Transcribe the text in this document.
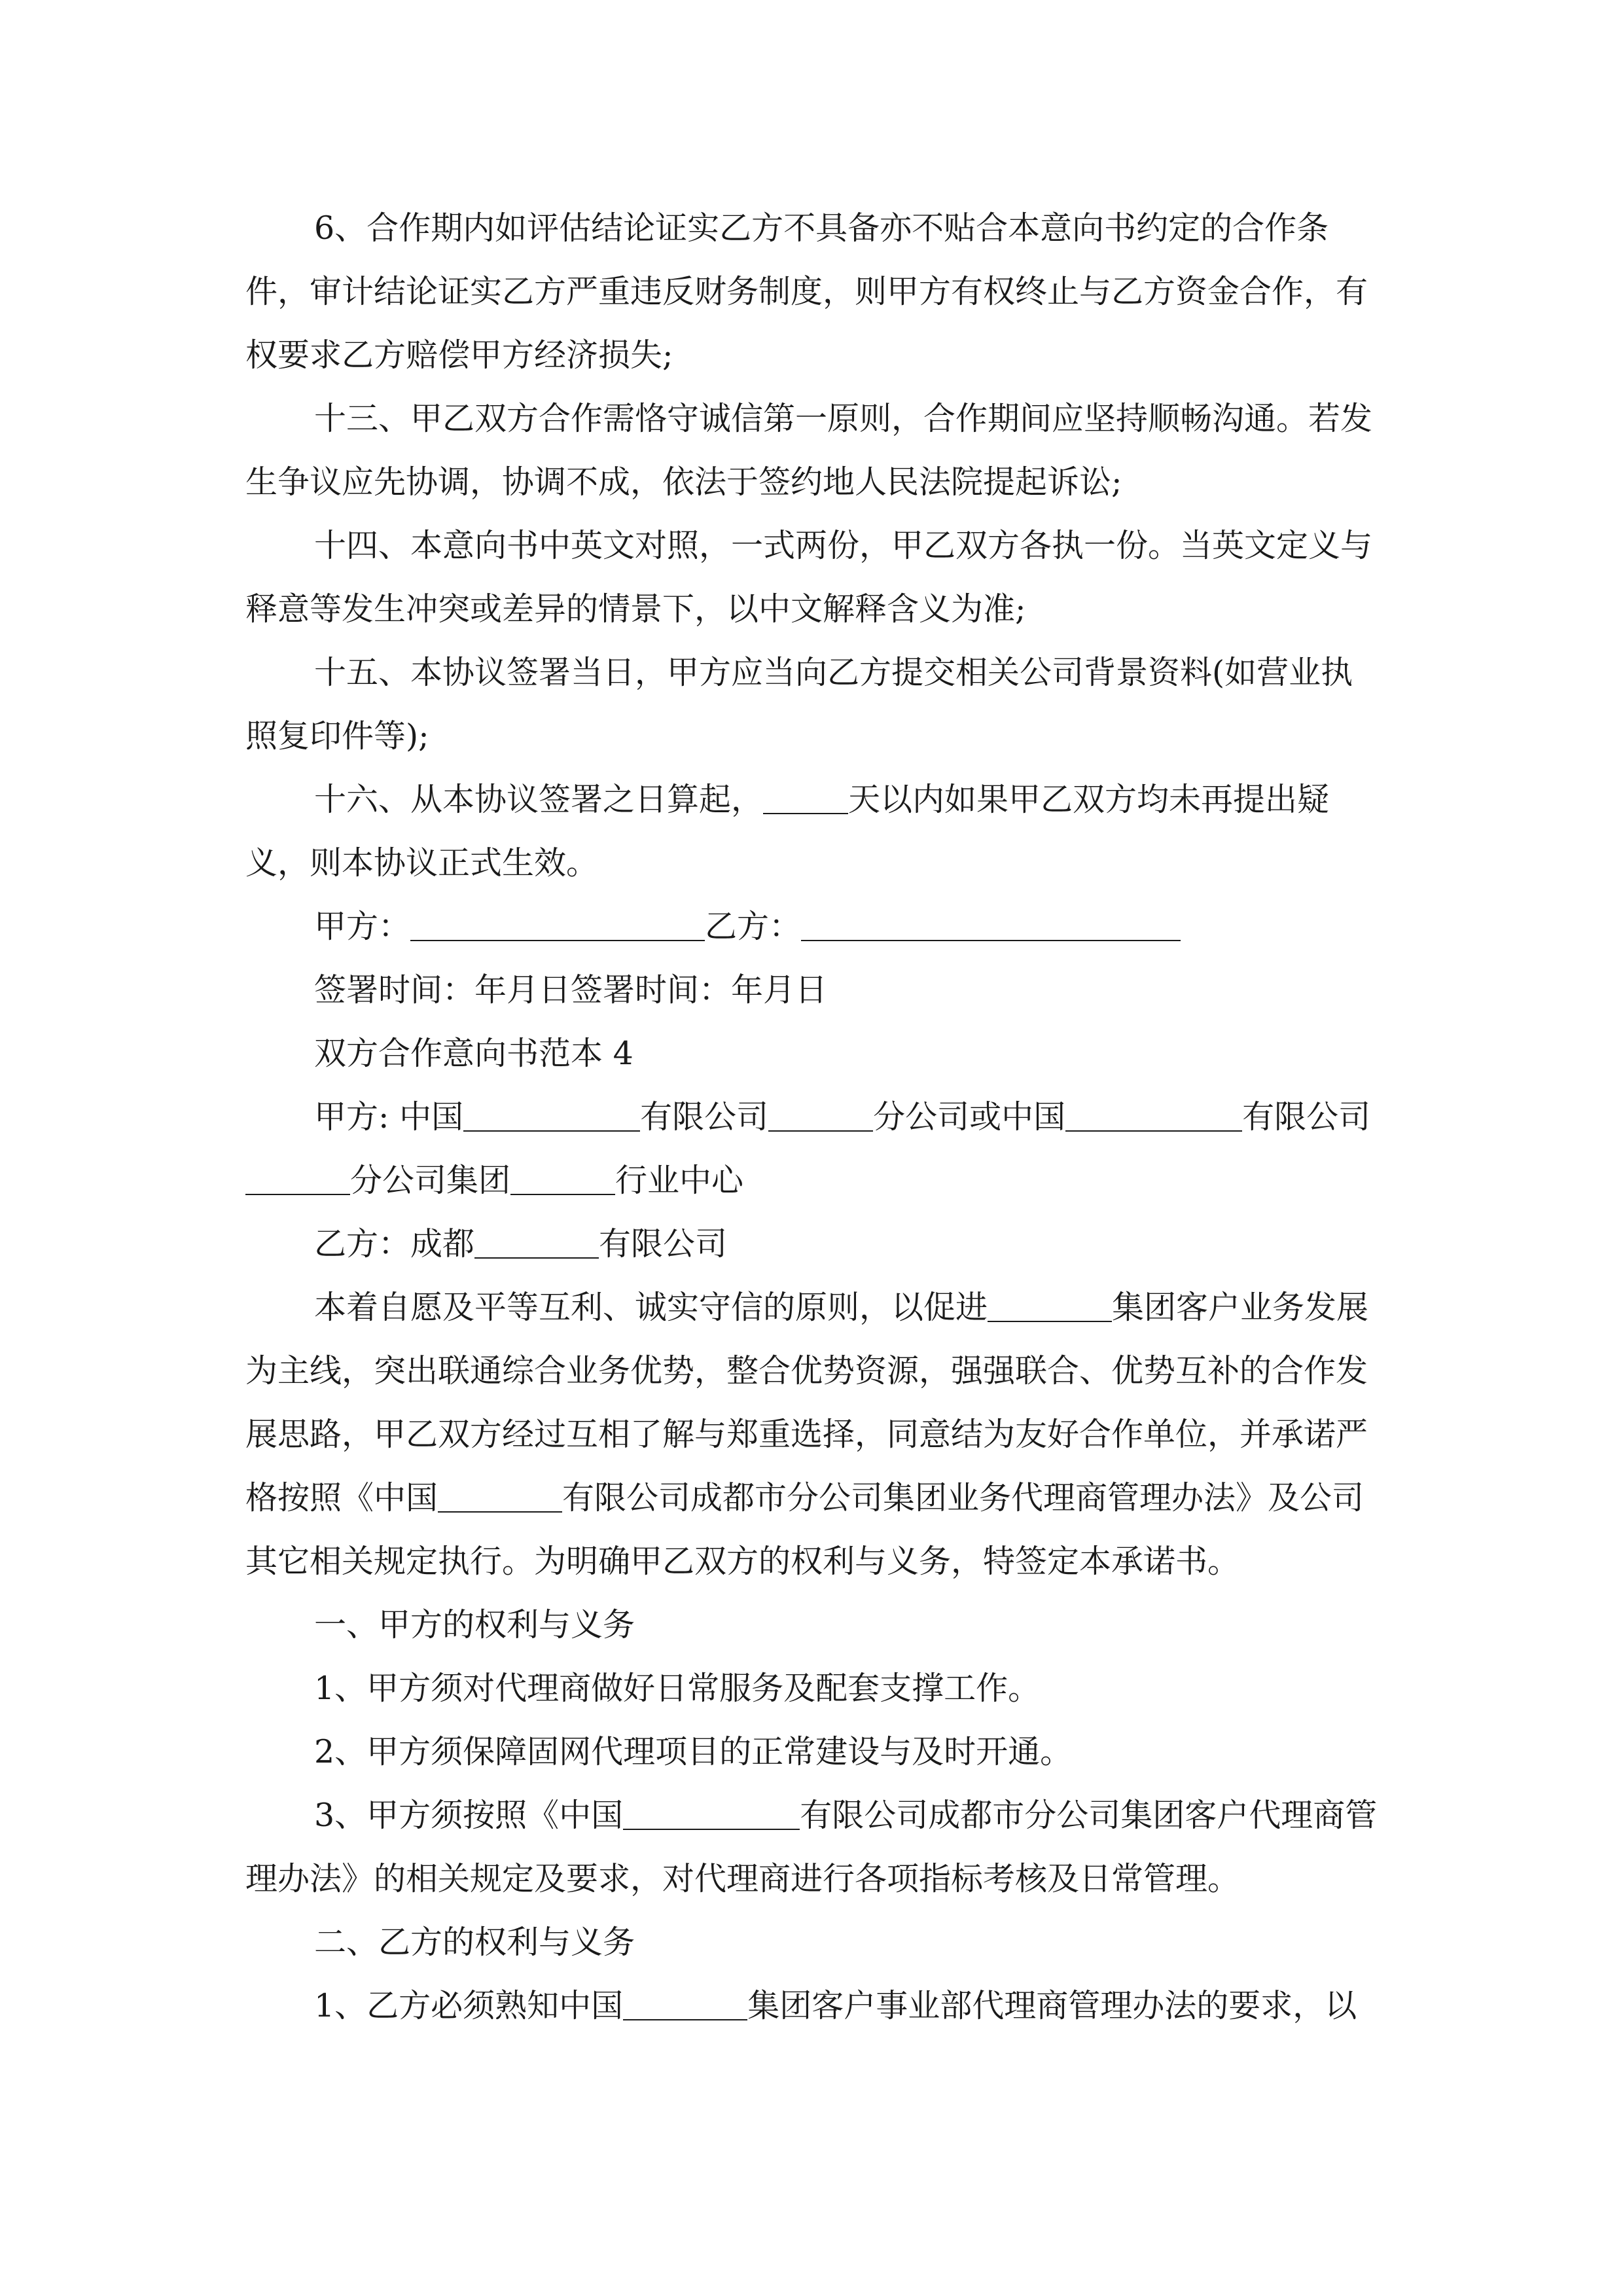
6、合作期内如评估结论证实乙方不具备亦不贴合本意向书约定的合作条件，审计结论证实乙方严重违反财务制度，则甲方有权终止与乙方资金合作，有权要求乙方赔偿甲方经济损失;

十三、甲乙双方合作需恪守诚信第一原则，合作期间应坚持顺畅沟通。若发生争议应先协调，协调不成，依法于签约地人民法院提起诉讼;

十四、本意向书中英文对照，一式两份，甲乙双方各执一份。当英文定义与释意等发生冲突或差异的情景下，以中文解释含义为准;

十五、本协议签署当日，甲方应当向乙方提交相关公司背景资料(如营业执照复印件等);

十六、从本协议签署之日算起，	天以内如果甲乙双方均未再提出疑义，则本协议正式生效。

甲方：	乙方：

签署时间：年月日签署时间：年月日

双方合作意向书范本 4

甲方: 中国	有限公司	分公司或中国	有限公司分公司集团	行业中心

乙方：成都	有限公司

本着自愿及平等互利、诚实守信的原则，以促进	集团客户业务发展为主线，突出联通综合业务优势，整合优势资源，强强联合、优势互补的合作发展思路，甲乙双方经过互相了解与郑重选择，同意结为友好合作单位，并承诺严格按照《中国	有限公司成都市分公司集团业务代理商管理办法》及公司其它相关规定执行。为明确甲乙双方的权利与义务，特签定本承诺书。

一、甲方的权利与义务

1、甲方须对代理商做好日常服务及配套支撑工作。

2、甲方须保障固网代理项目的正常建设与及时开通。

3、甲方须按照《中国	有限公司成都市分公司集团客户代理商管理办法》的相关规定及要求，对代理商进行各项指标考核及日常管理。

二、乙方的权利与义务

1、乙方必须熟知中国	集团客户事业部代理商管理办法的要求，以
